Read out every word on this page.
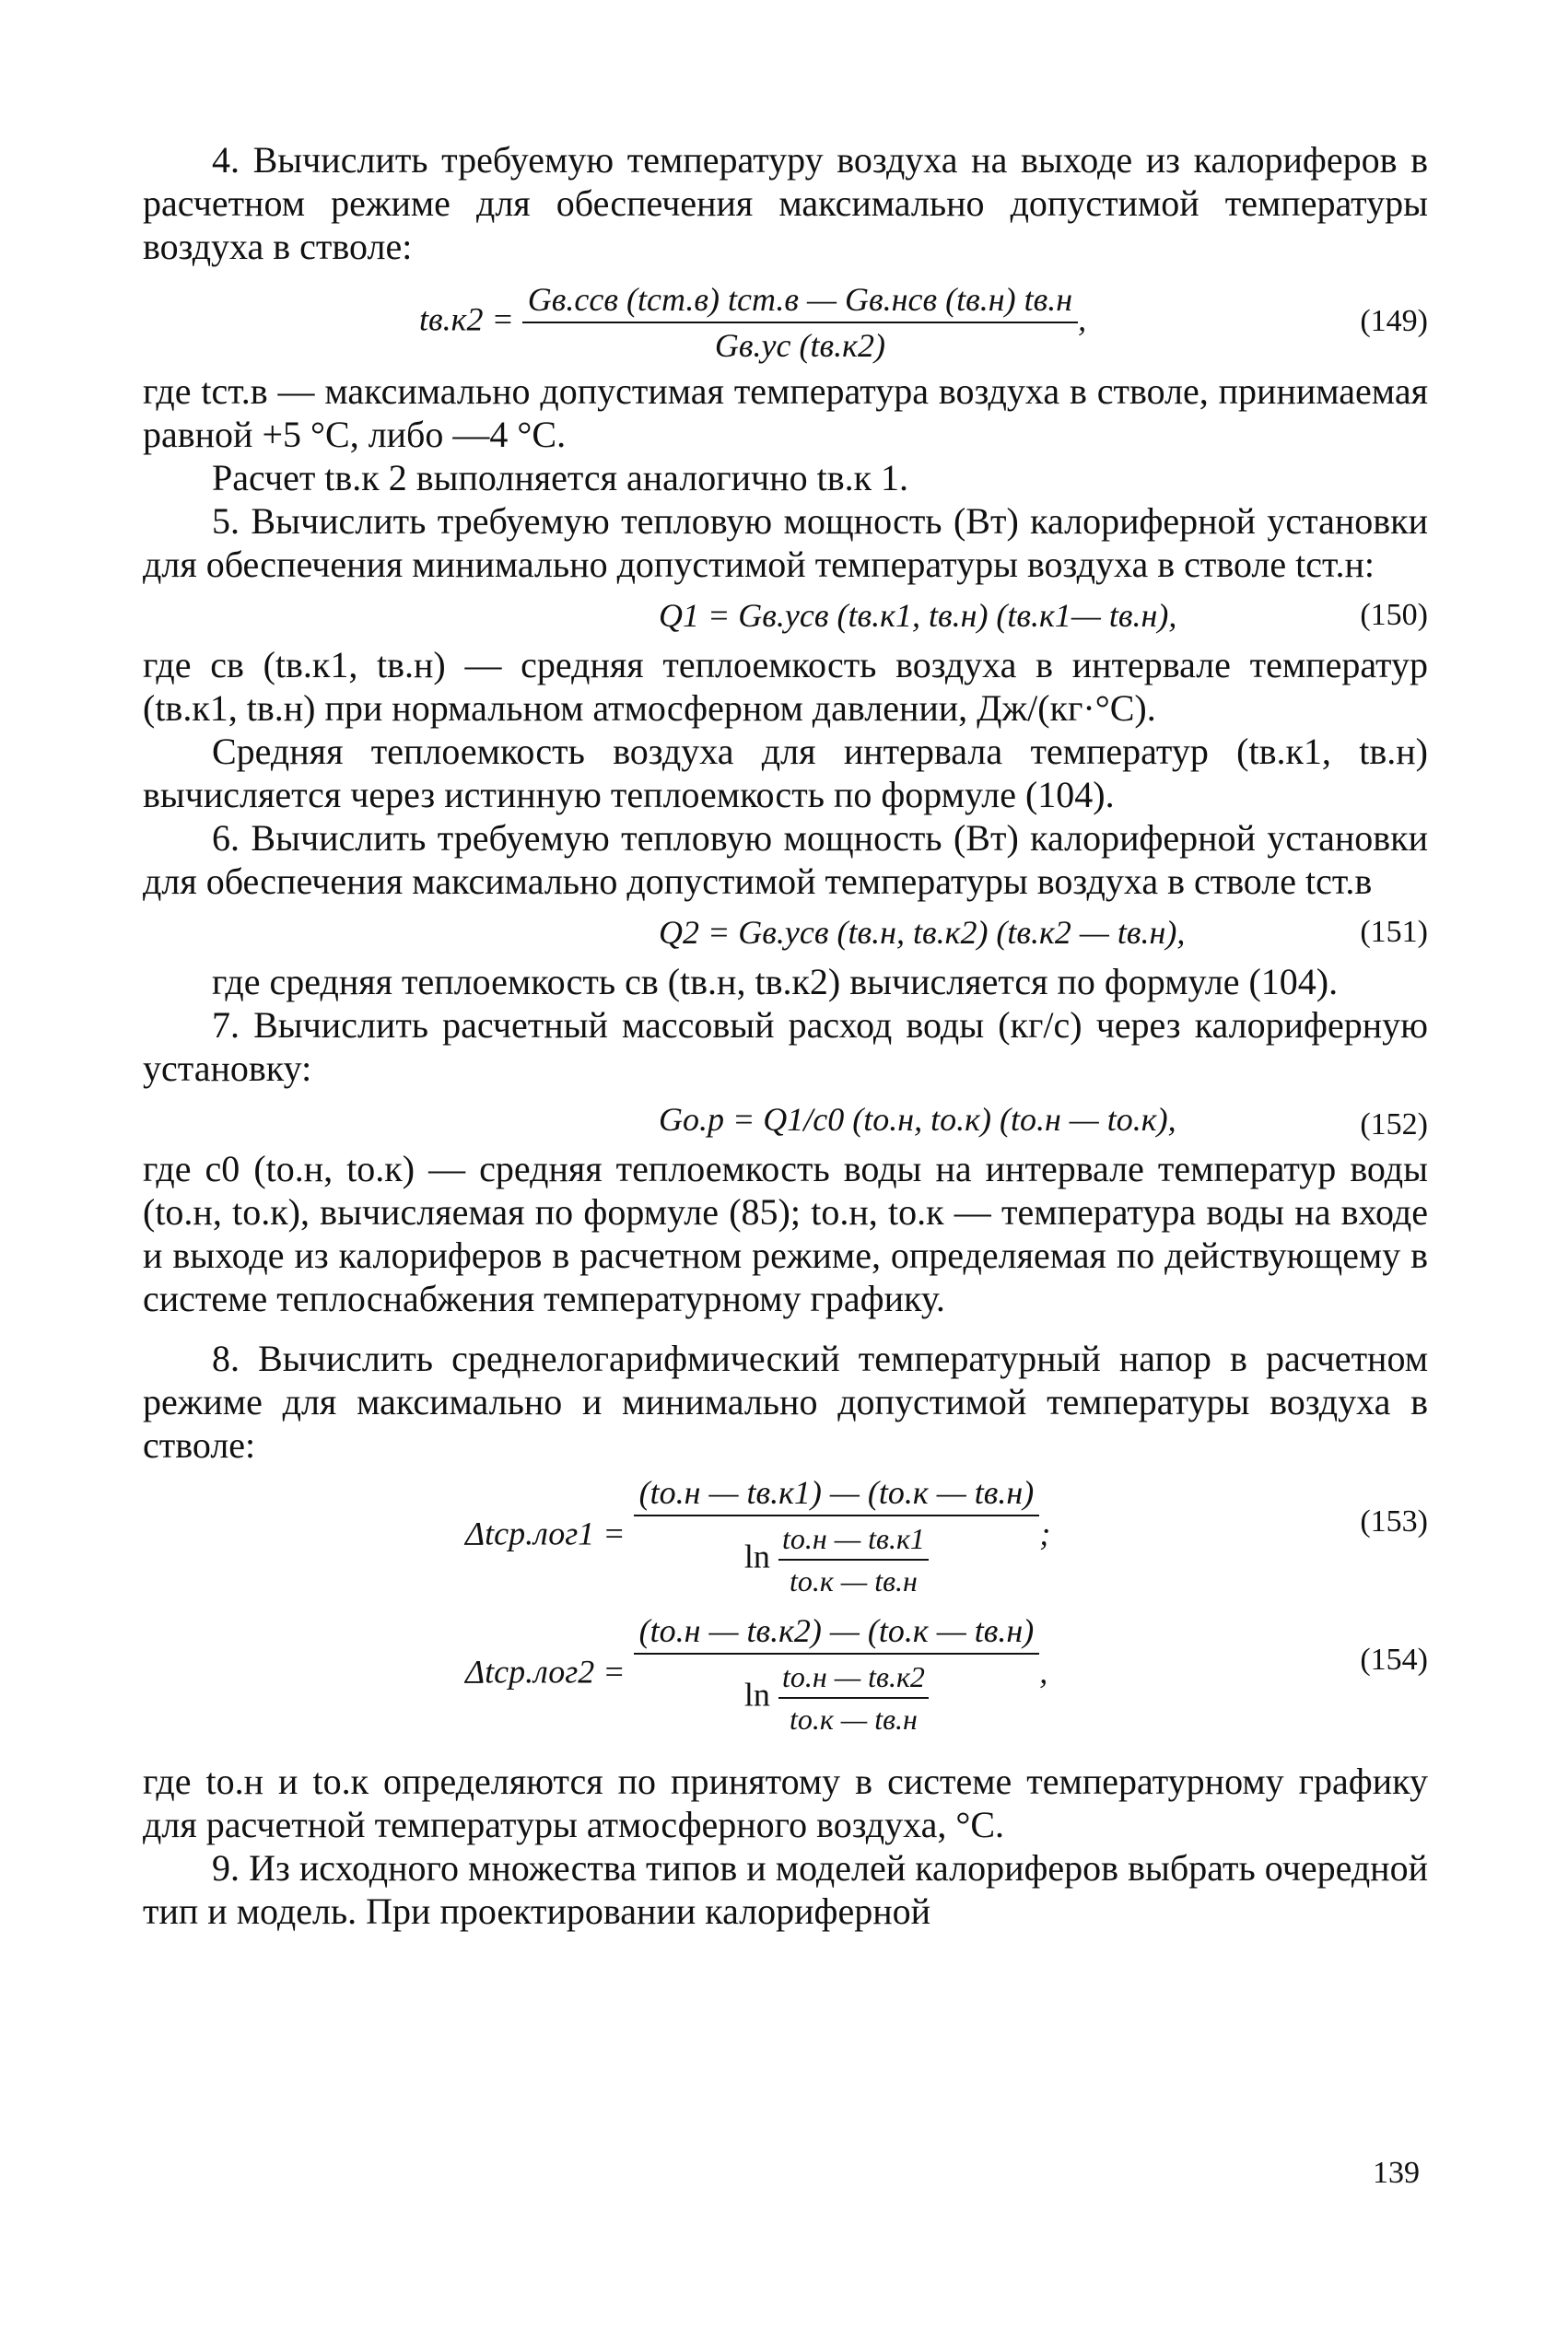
4. Вычислить требуемую температуру воздуха на выходе из калориферов в расчетном режиме для обеспечения максимально допустимой температуры воздуха в стволе:

$tв.к2 = \frac{\text{Gв.ccв (tст.в) tст.в — Gв.нcв (tв.н) tв.н}}{Gв.уc (tв.к2)}$ ,	(149)

где tст.в — максимально допустимая температура воздуха в стволе, принимаемая равной +5 °С, либо —4 °С.

Расчет tв.к 2 выполняется аналогично tв.к 1.

5. Вычислить требуемую тепловую мощность (Вт) калориферной установки для обеспечения минимально допустимой температуры воздуха в стволе tст.н:

Q1 = Gв.уcв (tв.к1, tв.н) (tв.к1— tв.н),	(150)

где cв (tв.к1, tв.н) — средняя теплоемкость воздуха в интервале температур (tв.к1, tв.н) при нормальном атмосферном давлении, Дж/(кг·°С).

Средняя теплоемкость воздуха для интервала температур (tв.к1, tв.н) вычисляется через истинную теплоемкость по формуле (104).

6. Вычислить требуемую тепловую мощность (Вт) калориферной установки для обеспечения максимально допустимой температуры воздуха в стволе tст.в

Q2 = Gв.уcв (tв.н, tв.к2) (tв.к2 — tв.н),	(151)

где средняя теплоемкость cв (tв.н, tв.к2) вычисляется по формуле (104).

7. Вычислить расчетный массовый расход воды (кг/с) через калориферную установку:

Gо.р = Q1/c0 (tо.н, tо.к) (tо.н — tо.к),	(152)

где c0 (tо.н, tо.к) — средняя теплоемкость воды на интервале температур воды (tо.н, tо.к), вычисляемая по формуле (85); tо.н, tо.к — температура воды на входе и выходе из калориферов в расчетном режиме, определяемая по действующему в системе теплоснабжения температурному графику.

8. Вычислить среднелогарифмический температурный напор в расчетном режиме для максимально и минимально допустимой температуры воздуха в стволе:

Δtср.лог1 =
(tо.н — tв.к1) — (tо.к — tв.н)
ln tо.н — tв.к1
tо.к — tв.н
;	(153)
Δtср.лог2 =
(tо.н — tв.к2) — (tо.к — tв.н)
ln tо.н — tв.к2
tо.к — tв.н
,	(154)

где tо.н и tо.к определяются по принятому в системе температурному графику для расчетной температуры атмосферного воздуха, °С.

9. Из исходного множества типов и моделей калориферов выбрать очередной тип и модель. При проектировании калориферной

139
